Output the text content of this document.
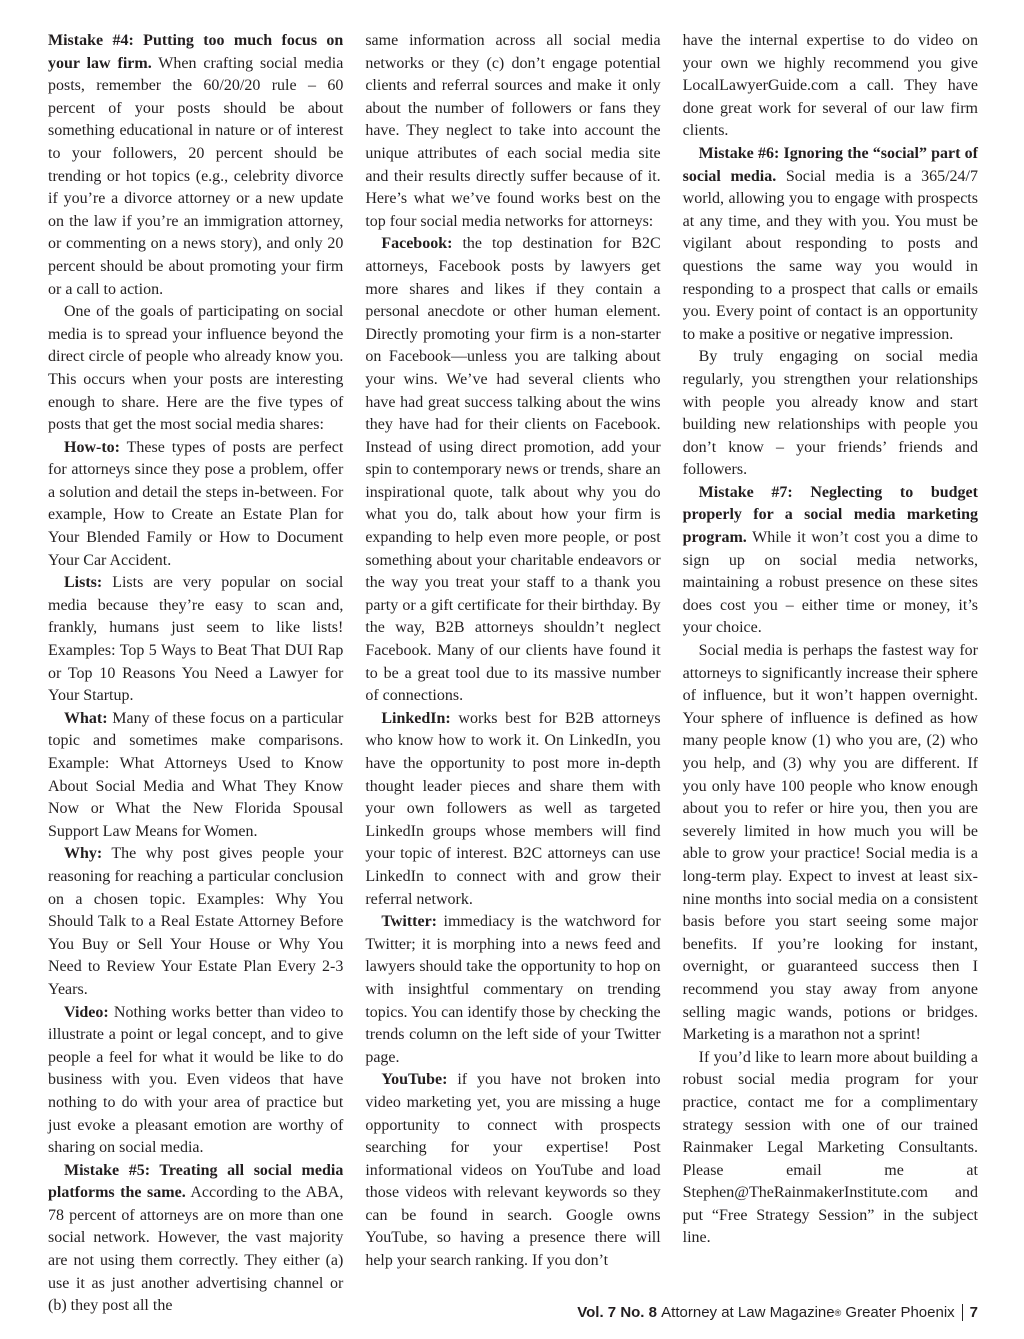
Mistake #4: Putting too much focus on your law firm. When crafting social media posts, remember the 60/20/20 rule – 60 percent of your posts should be about something educational in nature or of interest to your followers, 20 percent should be trending or hot topics (e.g., celebrity divorce if you’re a divorce attorney or a new update on the law if you’re an immigration attorney, or commenting on a news story), and only 20 percent should be about promoting your firm or a call to action.

One of the goals of participating on social media is to spread your influence beyond the direct circle of people who already know you. This occurs when your posts are interesting enough to share. Here are the five types of posts that get the most social media shares:

How-to: These types of posts are perfect for attorneys since they pose a problem, offer a solution and detail the steps in-between. For example, How to Create an Estate Plan for Your Blended Family or How to Document Your Car Accident.

Lists: Lists are very popular on social media because they’re easy to scan and, frankly, humans just seem to like lists! Examples: Top 5 Ways to Beat That DUI Rap or Top 10 Reasons You Need a Lawyer for Your Startup.

What: Many of these focus on a particular topic and sometimes make comparisons. Example: What Attorneys Used to Know About Social Media and What They Know Now or What the New Florida Spousal Support Law Means for Women.

Why: The why post gives people your reasoning for reaching a particular conclusion on a chosen topic. Examples: Why You Should Talk to a Real Estate Attorney Before You Buy or Sell Your House or Why You Need to Review Your Estate Plan Every 2-3 Years.

Video: Nothing works better than video to illustrate a point or legal concept, and to give people a feel for what it would be like to do business with you. Even videos that have nothing to do with your area of practice but just evoke a pleasant emotion are worthy of sharing on social media.

Mistake #5: Treating all social media platforms the same. According to the ABA, 78 percent of attorneys are on more than one social network. However, the vast majority are not using them correctly. They either (a) use it as just another advertising channel or (b) they post all the

same information across all social media networks or they (c) don’t engage potential clients and referral sources and make it only about the number of followers or fans they have. They neglect to take into account the unique attributes of each social media site and their results directly suffer because of it. Here’s what we’ve found works best on the top four social media networks for attorneys:

Facebook: the top destination for B2C attorneys, Facebook posts by lawyers get more shares and likes if they contain a personal anecdote or other human element. Directly promoting your firm is a non-starter on Facebook—unless you are talking about your wins. We’ve had several clients who have had great success talking about the wins they have had for their clients on Facebook. Instead of using direct promotion, add your spin to contemporary news or trends, share an inspirational quote, talk about why you do what you do, talk about how your firm is expanding to help even more people, or post something about your charitable endeavors or the way you treat your staff to a thank you party or a gift certificate for their birthday. By the way, B2B attorneys shouldn’t neglect Facebook. Many of our clients have found it to be a great tool due to its massive number of connections.

LinkedIn: works best for B2B attorneys who know how to work it. On LinkedIn, you have the opportunity to post more in-depth thought leader pieces and share them with your own followers as well as targeted LinkedIn groups whose members will find your topic of interest. B2C attorneys can use LinkedIn to connect with and grow their referral network.

Twitter: immediacy is the watchword for Twitter; it is morphing into a news feed and lawyers should take the opportunity to hop on with insightful commentary on trending topics. You can identify those by checking the trends column on the left side of your Twitter page.

YouTube: if you have not broken into video marketing yet, you are missing a huge opportunity to connect with prospects searching for your expertise! Post informational videos on YouTube and load those videos with relevant keywords so they can be found in search. Google owns YouTube, so having a presence there will help your search ranking. If you don’t

have the internal expertise to do video on your own we highly recommend you give LocalLawyerGuide.com a call. They have done great work for several of our law firm clients.

Mistake #6: Ignoring the “social” part of social media. Social media is a 365/24/7 world, allowing you to engage with prospects at any time, and they with you. You must be vigilant about responding to posts and questions the same way you would in responding to a prospect that calls or emails you. Every point of contact is an opportunity to make a positive or negative impression.

By truly engaging on social media regularly, you strengthen your relationships with people you already know and start building new relationships with people you don’t know – your friends’ friends and followers.

Mistake #7: Neglecting to budget properly for a social media marketing program. While it won’t cost you a dime to sign up on social media networks, maintaining a robust presence on these sites does cost you – either time or money, it’s your choice.

Social media is perhaps the fastest way for attorneys to significantly increase their sphere of influence, but it won’t happen overnight. Your sphere of influence is defined as how many people know (1) who you are, (2) who you help, and (3) why you are different. If you only have 100 people who know enough about you to refer or hire you, then you are severely limited in how much you will be able to grow your practice! Social media is a long-term play. Expect to invest at least six-nine months into social media on a consistent basis before you start seeing some major benefits. If you’re looking for instant, overnight, or guaranteed success then I recommend you stay away from anyone selling magic wands, potions or bridges. Marketing is a marathon not a sprint!

If you’d like to learn more about building a robust social media program for your practice, contact me for a complimentary strategy session with one of our trained Rainmaker Legal Marketing Consultants. Please email me at Stephen@TheRainmakerInstitute.com and put “Free Strategy Session” in the subject line.

Vol. 7 No. 8
Attorney at Law Magazine ®
Greater Phoenix 7
